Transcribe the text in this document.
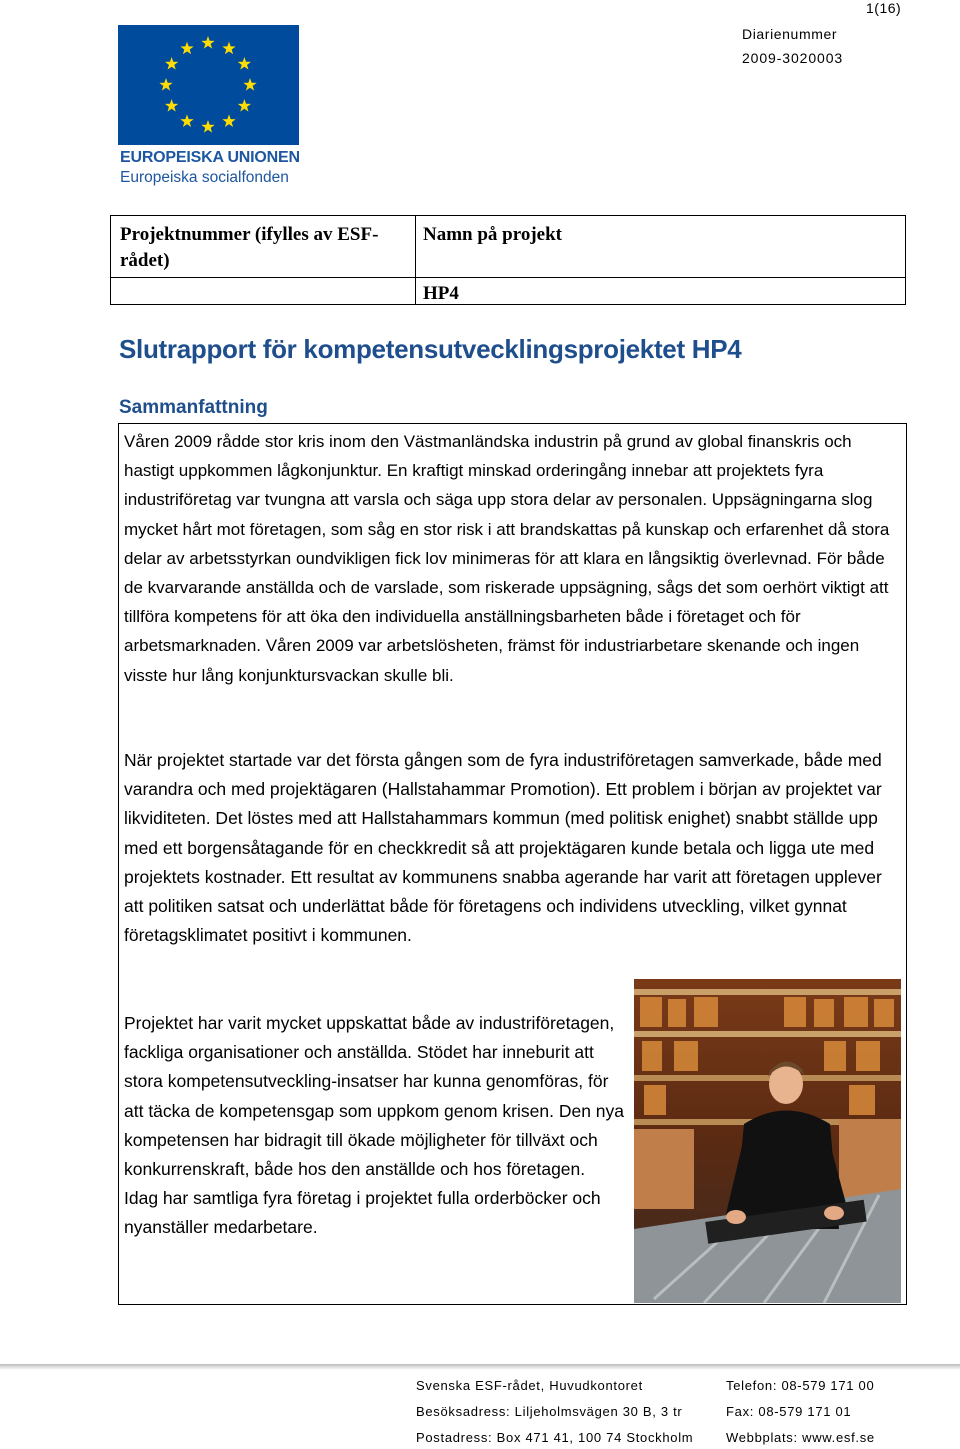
1(16)
Diarienummer
2009-3020003
EUROPEISKA UNIONEN
Europeiska socialfonden
Projektnummer (ifylles av ESF-rådet)
Namn på projekt
HP4
Slutrapport för kompetensutvecklingsprojektet HP4
Sammanfattning
Våren 2009 rådde stor kris inom den Västmanländska industrin på grund av global finanskris och hastigt uppkommen lågkonjunktur. En kraftigt minskad orderingång innebar att projektets fyra industriföretag var tvungna att varsla och säga upp stora delar av personalen. Uppsägningarna slog mycket hårt mot företagen, som såg en stor risk i att brandskattas på kunskap och erfarenhet då stora delar av arbetsstyrkan oundvikligen fick lov minimeras för att klara en långsiktig överlevnad. För både de kvarvarande anställda och de varslade, som riskerade uppsägning, sågs det som oerhört viktigt att tillföra kompetens för att öka den individuella anställningsbarheten både i företaget och för arbetsmarknaden. Våren 2009 var arbetslösheten, främst för industriarbetare skenande och ingen visste hur lång konjunktursvackan skulle bli.
När projektet startade var det första gången som de fyra industriföretagen samverkade, både med varandra och med projektägaren (Hallstahammar Promotion). Ett problem i början av projektet var likviditeten. Det löstes med att Hallstahammars kommun (med politisk enighet) snabbt ställde upp med ett borgensåtagande för en checkkredit så att projektägaren kunde betala och ligga ute med projektets kostnader. Ett resultat av kommunens snabba agerande har varit att företagen upplever att politiken satsat och underlättat både för företagens och individens utveckling, vilket gynnat företagsklimatet positivt i kommunen.
Projektet har varit mycket uppskattat både av industriföretagen, fackliga organisationer och anställda. Stödet har inneburit att stora kompetensutveckling-insatser har kunna genomföras, för att täcka de kompetensgap som uppkom genom krisen. Den nya kompetensen har bidragit till ökade möjligheter för tillväxt och konkurrenskraft, både hos den anställde och hos företagen. Idag har samtliga fyra företag i projektet fulla orderböcker och nyanställer medarbetare.
Svenska ESF-rådet, Huvudkontoret
Besöksadress: Liljeholmsvägen 30 B, 3 tr
Postadress: Box 471 41, 100 74 Stockholm
Telefon: 08-579 171 00
Fax: 08-579 171 01
Webbplats: www.esf.se
